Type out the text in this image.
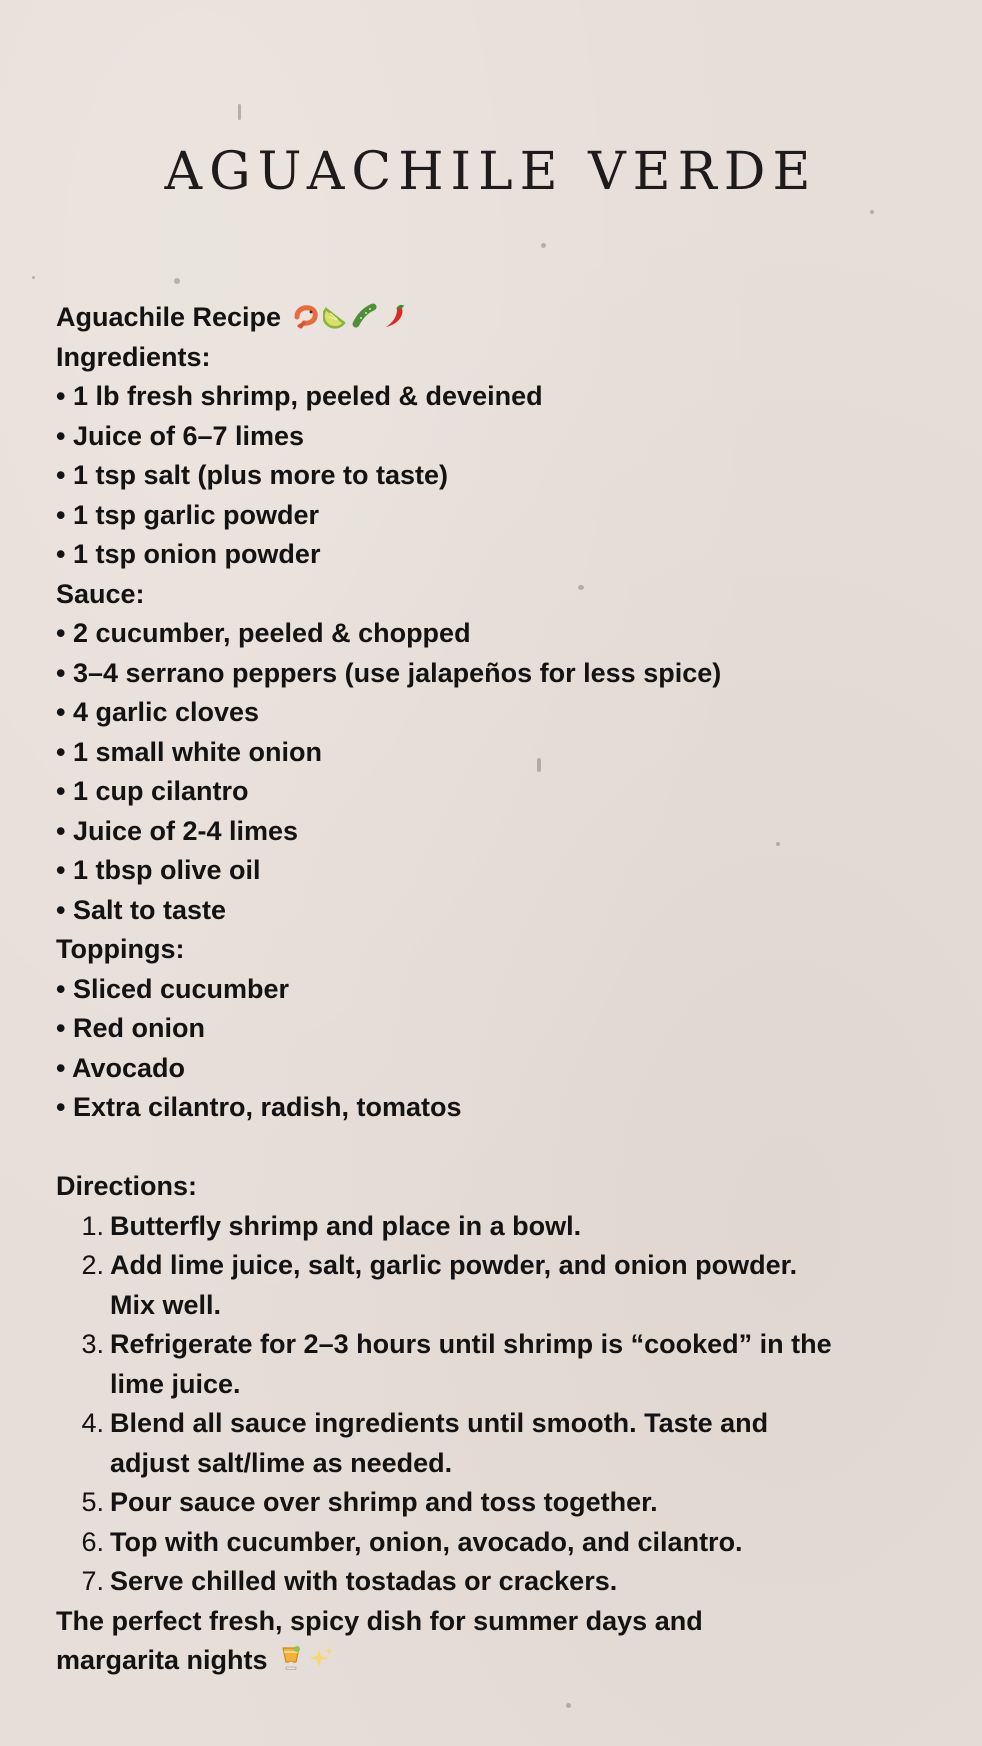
AGUACHILE VERDE
Aguachile Recipe
Ingredients:
• 1 lb fresh shrimp, peeled & deveined
• Juice of 6–7 limes
• 1 tsp salt (plus more to taste)
• 1 tsp garlic powder
• 1 tsp onion powder
Sauce:
• 2 cucumber, peeled & chopped
• 3–4 serrano peppers (use jalapeños for less spice)
• 4 garlic cloves
• 1 small white onion
• 1 cup cilantro
• Juice of 2-4 limes
• 1 tbsp olive oil
• Salt to taste
Toppings:
• Sliced cucumber
• Red onion
• Avocado
• Extra cilantro, radish, tomatos
Directions:
1. Butterfly shrimp and place in a bowl.
2. Add lime juice, salt, garlic powder, and onion powder. Mix well.
3. Refrigerate for 2–3 hours until shrimp is “cooked” in the lime juice.
4. Blend all sauce ingredients until smooth. Taste and adjust salt/lime as needed.
5. Pour sauce over shrimp and toss together.
6. Top with cucumber, onion, avocado, and cilantro.
7. Serve chilled with tostadas or crackers.
The perfect fresh, spicy dish for summer days and
margarita nights
